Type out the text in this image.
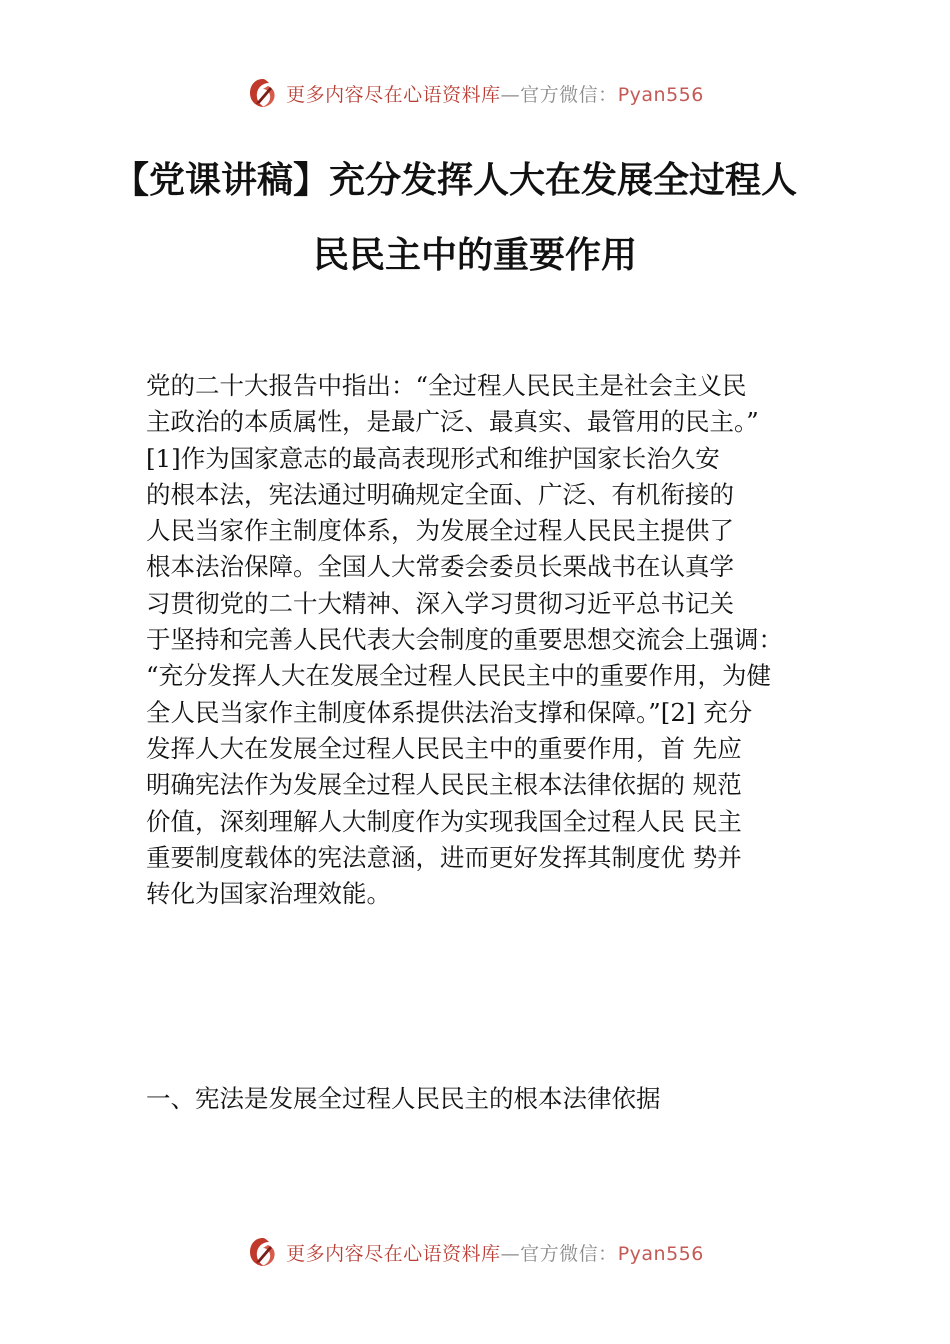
更多内容尽在心语资料库—官方微信：Pyan556
【党课讲稿】充分发挥人大在发展全过程人
民民主中的重要作用
党的二十大报告中指出：“全过程人民民主是社会主义民
主政治的本质属性，是最广泛、最真实、最管用的民主。”
[1]作为国家意志的最高表现形式和维护国家长治久安
的根本法，宪法通过明确规定全面、广泛、有机衔接的
人民当家作主制度体系，为发展全过程人民民主提供了
根本法治保障。全国人大常委会委员长栗战书在认真学
习贯彻党的二十大精神、深入学习贯彻习近平总书记关
于坚持和完善人民代表大会制度的重要思想交流会上强调：
“充分发挥人大在发展全过程人民民主中的重要作用，为健
全人民当家作主制度体系提供法治支撑和保障。”[2] 充分
发挥人大在发展全过程人民民主中的重要作用，首 先应
明确宪法作为发展全过程人民民主根本法律依据的 规范
价值，深刻理解人大制度作为实现我国全过程人民 民主
重要制度载体的宪法意涵，进而更好发挥其制度优 势并
转化为国家治理效能。
一、宪法是发展全过程人民民主的根本法律依据
更多内容尽在心语资料库—官方微信：Pyan556
